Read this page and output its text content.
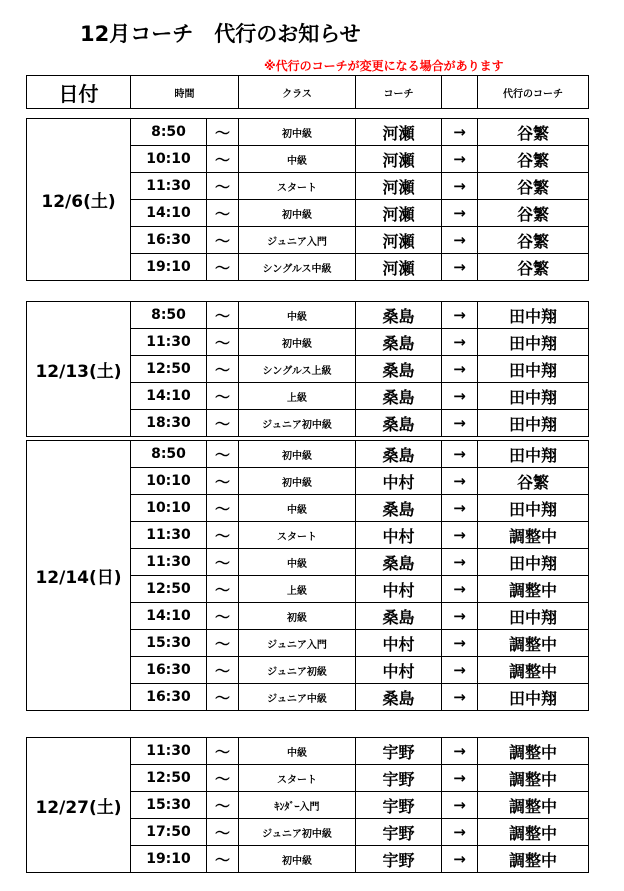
12月コーチ　代行のお知らせ
※代行のコーチが変更になる場合があります
日付	時間	クラス	コーチ		代行のコーチ
12/6(土)	8:50	～	初中級	河瀬	→	谷繁
	10:10	～	中級	河瀬	→	谷繁
	11:30	～	スタート	河瀬	→	谷繁
	14:10	～	初中級	河瀬	→	谷繁
	16:30	～	ジュニア入門	河瀬	→	谷繁
	19:10	～	シングルス中級	河瀬	→	谷繁
12/13(土)	8:50	～	中級	桑島	→	田中翔
	11:30	～	初中級	桑島	→	田中翔
	12:50	～	シングルス上級	桑島	→	田中翔
	14:10	～	上級	桑島	→	田中翔
	18:30	～	ジュニア初中級	桑島	→	田中翔
12/14(日)	8:50	～	初中級	桑島	→	田中翔
	10:10	～	初中級	中村	→	谷繁
	10:10	～	中級	桑島	→	田中翔
	11:30	～	スタート	中村	→	調整中
	11:30	～	中級	桑島	→	田中翔
	12:50	～	上級	中村	→	調整中
	14:10	～	初級	桑島	→	田中翔
	15:30	～	ジュニア入門	中村	→	調整中
	16:30	～	ジュニア初級	中村	→	調整中
	16:30	～	ジュニア中級	桑島	→	田中翔
12/27(土)	11:30	～	中級	宇野	→	調整中
	12:50	～	スタート	宇野	→	調整中
	15:30	～	ｷﾝﾀﾞｰ入門	宇野	→	調整中
	17:50	～	ジュニア初中級	宇野	→	調整中
	19:10	～	初中級	宇野	→	調整中
